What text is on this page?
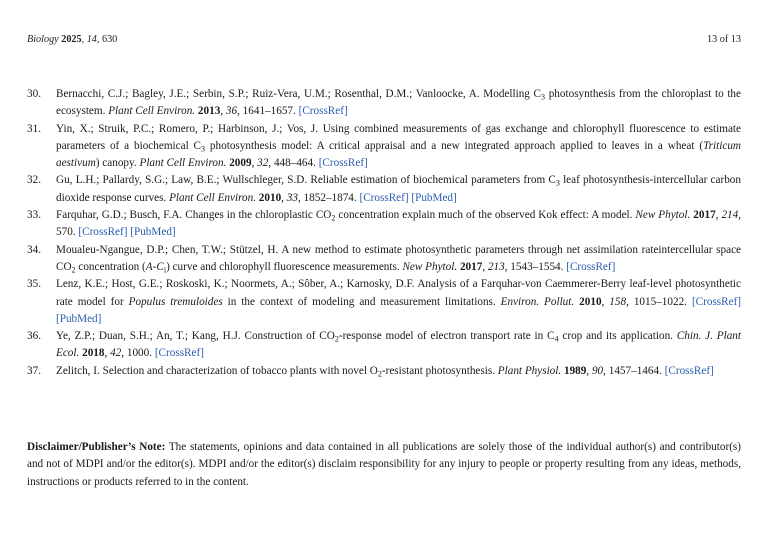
Biology 2025, 14, 630	13 of 13
30.	Bernacchi, C.J.; Bagley, J.E.; Serbin, S.P.; Ruiz-Vera, U.M.; Rosenthal, D.M.; Vanloocke, A. Modelling $C_3$ photosynthesis from the chloroplast to the ecosystem. Plant Cell Environ. 2013, 36, 1641–1657. [CrossRef]
31.	Yin, X.; Struik, P.C.; Romero, P.; Harbinson, J.; Vos, J. Using combined measurements of gas exchange and chlorophyll fluorescence to estimate parameters of a biochemical $C_3$ photosynthesis model: A critical appraisal and a new integrated approach applied to leaves in a wheat (Triticum aestivum) canopy. Plant Cell Environ. 2009, 32, 448–464. [CrossRef]
32.	Gu, L.H.; Pallardy, S.G.; Law, B.E.; Wullschleger, S.D. Reliable estimation of biochemical parameters from $C_3$ leaf photosynthesis-intercellular carbon dioxide response curves. Plant Cell Environ. 2010, 33, 1852–1874. [CrossRef] [PubMed]
33.	Farquhar, G.D.; Busch, F.A. Changes in the chloroplastic $CO_2$ concentration explain much of the observed Kok effect: A model. New Phytol. 2017, 214, 570. [CrossRef] [PubMed]
34.	Moualeu-Ngangue, D.P.; Chen, T.W.; Stützel, H. A new method to estimate photosynthetic parameters through net assimilation rateintercellular space $CO_2$ concentration $(A-C_i)$ curve and chlorophyll fluorescence measurements. New Phytol. 2017, 213, 1543–1554. [CrossRef]
35.	Lenz, K.E.; Host, G.E.; Roskoski, K.; Noormets, A.; Sôber, A.; Karnosky, D.F. Analysis of a Farquhar-von Caemmerer-Berry leaf-level photosynthetic rate model for Populus tremuloides in the context of modeling and measurement limitations. Environ. Pollut. 2010, 158, 1015–1022. [CrossRef] [PubMed]
36.	Ye, Z.P.; Duan, S.H.; An, T.; Kang, H.J. Construction of $CO_2$-response model of electron transport rate in $C_4$ crop and its application. Chin. J. Plant Ecol. 2018, 42, 1000. [CrossRef]
37.	Zelitch, I. Selection and characterization of tobacco plants with novel $O_2$-resistant photosynthesis. Plant Physiol. 1989, 90, 1457–1464. [CrossRef]
Disclaimer/Publisher’s Note: The statements, opinions and data contained in all publications are solely those of the individual author(s) and contributor(s) and not of MDPI and/or the editor(s). MDPI and/or the editor(s) disclaim responsibility for any injury to people or property resulting from any ideas, methods, instructions or products referred to in the content.
